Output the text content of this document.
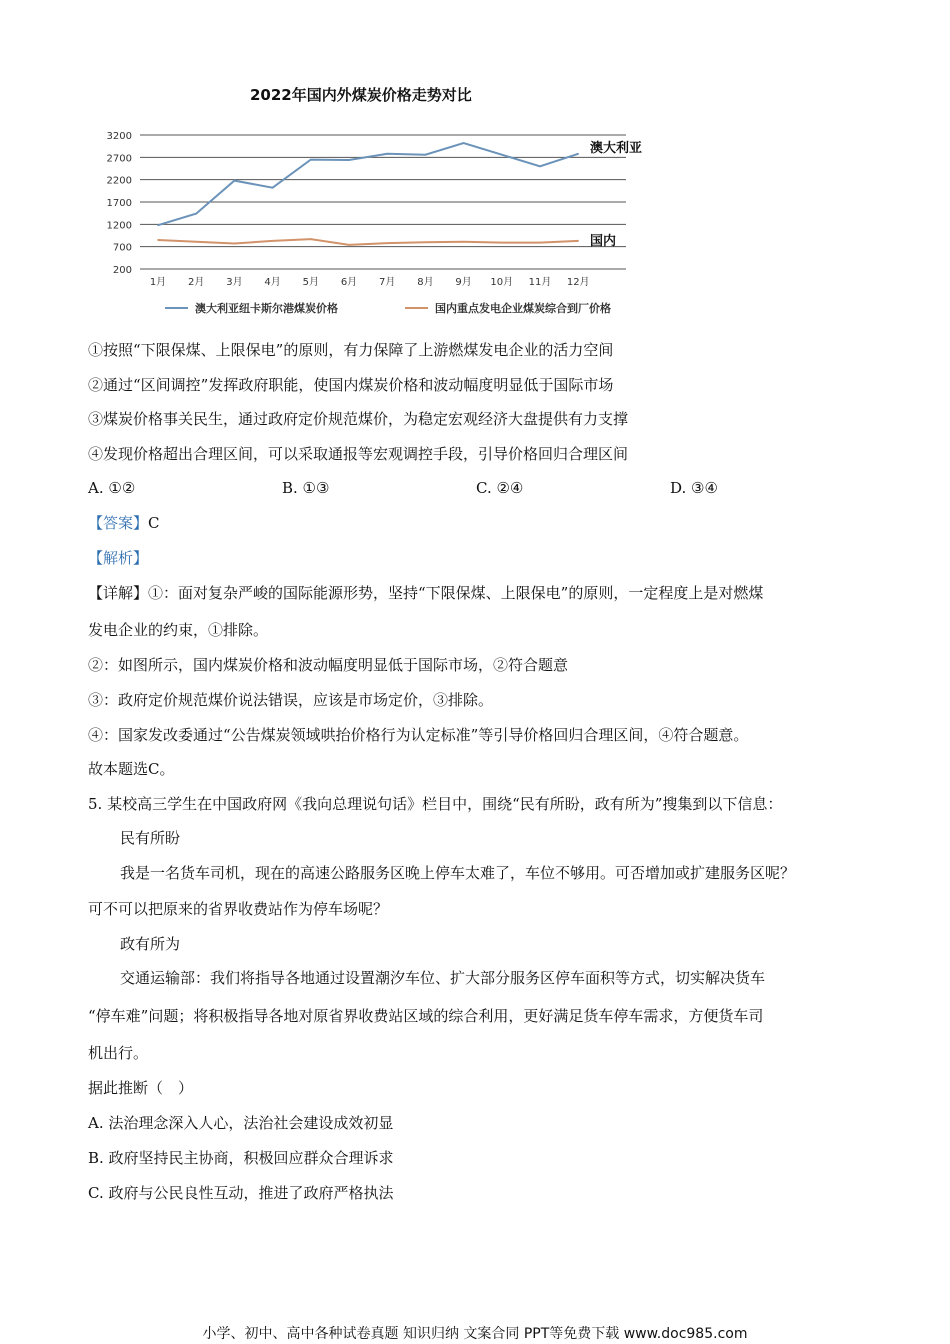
2022年国内外煤炭价格走势对比
3200
2700
2200
1700
1200
700
200
1月 2月 3月 4月 5月 6月 7月 8月 9月 10月 11月 12月
澳大利亚
澳大利亚纽卡斯尔港煤炭价格
国内
国内重点发电企业煤炭综合到厂价格
①按照“下限保煤、上限保电”的原则，有力保障了上游燃煤发电企业的活力空间
②通过“区间调控”发挥政府职能，使国内煤炭价格和波动幅度明显低于国际市场
③煤炭价格事关民生，通过政府定价规范煤价，为稳定宏观经济大盘提供有力支撑
④发现价格超出合理区间，可以采取通报等宏观调控手段，引导价格回归合理区间
A. ①②	B. ①③	C. ②④	D. ③④
【答案】C
【解析】
【详解】①：面对复杂严峻的国际能源形势，坚持“下限保煤、上限保电”的原则，一定程度上是对燃煤
发电企业的约束，①排除。
②：如图所示，国内煤炭价格和波动幅度明显低于国际市场，②符合题意
③：政府定价规范煤价说法错误，应该是市场定价，③排除。
④：国家发改委通过“公告煤炭领域哄抬价格行为认定标准”等引导价格回归合理区间，④符合题意。
故本题选C。
5. 某校高三学生在中国政府网《我向总理说句话》栏目中，围绕“民有所盼，政有所为”搜集到以下信息：
民有所盼
我是一名货车司机，现在的高速公路服务区晚上停车太难了，车位不够用。可否增加或扩建服务区呢？
可不可以把原来的省界收费站作为停车场呢？
政有所为
交通运输部：我们将指导各地通过设置潮汐车位、扩大部分服务区停车面积等方式，切实解决货车
“停车难”问题；将积极指导各地对原省界收费站区域的综合利用，更好满足货车停车需求，方便货车司
机出行。
据此推断（　）
A. 法治理念深入人心，法治社会建设成效初显
B. 政府坚持民主协商，积极回应群众合理诉求
C. 政府与公民良性互动，推进了政府严格执法
小学、初中、高中各种试卷真题 知识归纳 文案合同 PPT等免费下载 www.doc985.com
